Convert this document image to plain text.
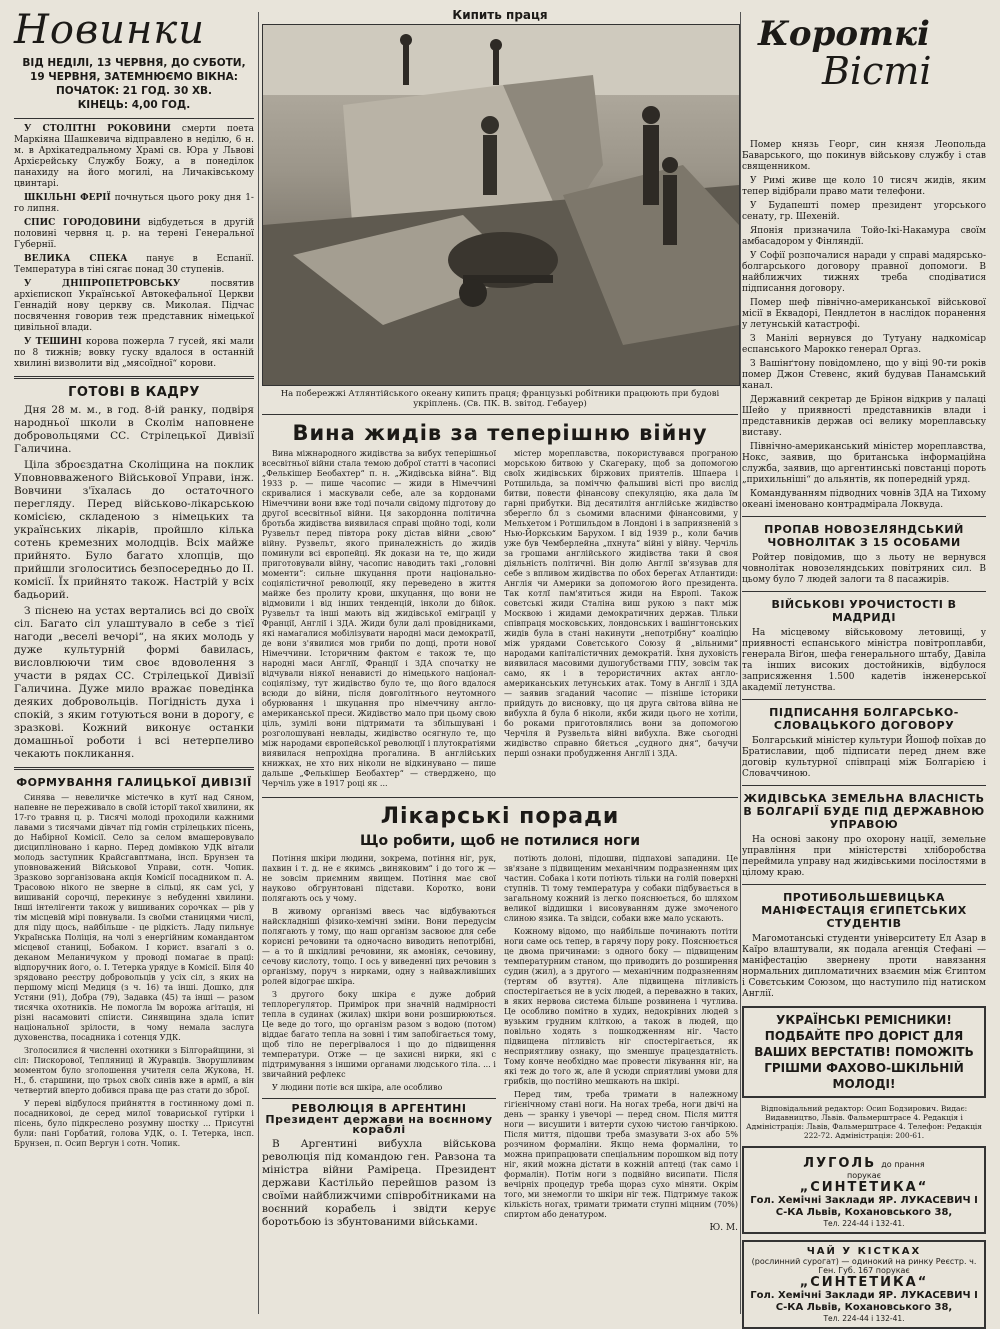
Новинки
ВІД НЕДІЛІ, 13 ЧЕРВНЯ, ДО СУБОТИ,
19 ЧЕРВНЯ, ЗАТЕМНЮЄМО ВІКНА:
ПОЧАТОК: 21 ГОД. 30 ХВ.
КІНЕЦЬ: 4,00 ГОД.

У СТОЛІТНІ РОКОВИНИ смерти поета Маркіяна Шашкевича відправлено в неділю, 6 н. м. в Архікатедральному Храмі св. Юра у Львові Архієрейську Службу Божу, а в понеділок панахиду на його могилі, на Личаківському цвинтарі.

ШКІЛЬНІ ФЕРІЇ почнуться цього року дня 1-го липня.

СПИС ГОРОДОВИНИ відбудеться в другій половині червня ц. р. на терені Генеральної Губернії.

ВЕЛИКА СПЕКА панує в Еспанії. Температура в тіні сягає понад 30 ступенів.

У ДНІПРОПЕТРОВСЬКУ	посвятив архієпископ Української Автокефальної Церкви Геннадій нову церкву св. Миколая. Підчас посвячення говорив теж представник німецької цивільної влади.

У ТЕШИНІ корова пожерла 7 гусей, які мали по 8 тижнів; вовку гуску вдалося в останній хвилині визволити від „мясоїдної“ корови.

ГОТОВІ В КАДРУ

Дня 28 м. м., в год. 8-ій ранку, подвіря народньої школи в Сколім наповнене добровольцями СС. Стрілецької Дивізії Галичина.

Ціла зброєздатна Сколіщина на поклик Уповновваженого Військової Управи, інж. Вовчини з'їхалась до остаточного перегляду. Перед військово-лікарською комісією, складеною з німецьких та українських лікарів, пройшло кілька сотень кремезних молодців. Всіх майже прийнято. Було багато хлопців, що прийшли зголоситись безпосередньо до II. комісії. Їх прийнято також. Настрій у всіх бадьорий.

З піснею на устах вертались всі до своїх сіл. Багато сіл улаштувало в себе з тієї нагоди „веселі вечорі“, на яких молодь у дуже культурній формі бавилась, висловлюючи тим своє вдоволення з участи в рядах СС. Стрілецької Дивізії Галичина. Дуже мило вражає поведінка деяких добровольців. Погідність духа і спокій, з яким готуються вони в дорогу, є зразкові. Кожний виконує останки домашньої роботи і всі нетерпеливо чекають покликання.

ФОРМУВАННЯ ГАЛИЦЬКОЇ ДИВІЗІЇ

Синява — невеличке містечко в кутї над Сяном, напевне не переживало в своїй історії такої хвилини, як 17-го травня ц. р. Тисячі молоді проходили кажними лавами з тисячами дівчат під гомін стрілецьких пісень, до Набірної Комісії. Село за селом вмашеровувало дисципліновано і карно. Перед домівкою УДК вітали молодь заступник Крайсгавптмана, інсп. Брунзен та уповноважений Військової Управи, сотн. Чопик. Зразково зорганізована акція Комісії посадником п. А. Трасовою нікого не зверне в сільці, як сам усі, у вишиваній сорочці, перекинує з небуденні хвилини. Інші інтелігенти також у вишиваних сорочках — рів у тім місцевій мірі повнували. Із своїми станицями числі, для піду щось, найбільше - це рідкість. Ладу пильнує Українська Поліція, на чолі з енергійним командантом місцевої станиці, Бобаком. І корист. взагалі з о. деканом Меланичуком у проводі помагає в праці: відпоручник його, о. І. Тетерка урядує в Комісії. Біля 40 зрядовано реєстру добровольців у усіх сіл, з яких на першому місці Медиця (з ч. 16) та інші. Дошко, для Устяни (91), Добра (79), Задавка (45) та інші — разом тисячка охотників. Не помогла їм ворожа агітація, ні різні насамовиті спіисти. Синявщина здала іспит національної зрілости, в чому немала заслуга духовенства, посадника і сотенця УДК.

Зголосилися й численні охотники з Білгорайщини, зі сіл: Пискорової, Тепляниці й Журавців. Зворушливим моментом було зголошення учителя села Жукова, Н. Н., б. старшини, що трьох своїх синів вже в армії, а він четвертий вперто добився права ще раз стати до зброї.

У переві відбулося прийняття в гостинному домі п. посадниковоі, де серед милої товариської гутірки і пісень, було підкреслено розумну шостку ... Присутні були: пані Горбатий, голова УДК, о. І. Тетерка, інсп. Брунзен, п. Осип Вергун і сотн. Чопик.

Кипить праця
На побережжі Атлянтійського океану кипить праця; французькі робітники працюють при будові укріплень. (Св. ПК. В. звітод. Гебауер)
Вина жидів за теперішню війну

Вина міжнародного жидівства за вибух теперішньої всесвітньої війни стала темою доброї статті в часописі „Фелькішер Беобахтер“ п. н. „Жидівська війна“. Від 1933 р. — пише часопис — жиди в Німеччині скривалися і маскували себе, але за кордонами Німеччини вони вже тоді почали свідому підготову до другої всесвітньої війни. Ця закордонна політична бротьба жидівства виявилася справі щойно тоді, коли Рузвельт перед півтора року дістав війни „свою“ війну. Рузвельт, якого приналежність до жидів поминули всі європейці. Як докази на те, що жиди приготовували війну, часопис наводить такі „головні моменти“: сильне шкуцання проти національно-соціялістичної революції, яку переведено в життя майже без пролиту крови, шкуцання, що вони не відмовили і від інших тенденцій, інколи до бійок. Рузвельт та інші мають від жидівської еміграції у Франції, Англії і ЗДА. Жиди були далі провідниками, які намагалися мобілізувати народні маси демократії, де вони з'явилися мов гриби по дощі, проти нової Німеччини. Історичним фактом є також те, що народні маси Англії, Франції і ЗДА спочатку не відчували ніякої ненависті до німецького націонал-соціялізму, тут жидівство було те, що його вдалося всюди до війни, після довголітнього неутомного обурювання і шкуцання про німеччину англо-американської преси. Жидівство мало при цьому свою ціль, зумілі вони підтримати та збільшувані і розголошувані невлады, жидівство осягнуло те, що між народами європейської революції і плутократіями виявилася непрохідна прогалина. В англійських книжках, не хто них ніколи не відкинувано — пише дальше „Фелькішер Беобахтер“ — стверджено, що Черчіль уже в 1917 році як ...

містер мореплавства, покористувався програною морською битвою у Скагераку, щоб за допомогою своїх жидівських біржових приятелів. Шпаера і Ротшильда, за поміччю фальшиві вісті про вислід битви, повести фінансову спекуляцію, яка дала їм гарні прибутки. Від десятилітя англійське жидівство зберегло бл з сьомими власними фінансовими, у Мельхетом і Ротшильдом в Лондоні і в заприязненій з Нью-Йоркським Барухом. І від 1939 р., коли бачив уже був Чемберлейна „пхнута“ війні у війну. Черчіль за грошами англійського жидівства таки й своя діяльність політичні. Він долю Англії зв'язував для себе з впливом жидівства по обох берегах Атлантиди: Англія чи Америки за допомогою його президента. Так котлї пам'ятиться жиди на Европі. Також совєтські жиди Сталіна виш рукою з пакт між Москвою і жидами демократичних держав. Тільки співпраця московських, лондонських і вашінгтонських жидів була в стані накинути „непотрібну“ коаліцію між урядами Совєтського Союзу й „вільними“ народами капіталістичних демократій. Їхня духовість виявилася масовими душогубствами ГПУ, зовсім так само, як і в терористичних актах англо-американських летунських атак. Тому в Англії і ЗДА — заявив згаданий часопис — пізніше історики прийдуть до висновку, що ця друга світова війна не вибухла й була б ніколи, якби жиди цього не хотіли, бо роками приготовлялись вони за допомогою Черчіля й Рузвельта війні вибухла. Вже сьогодні жидівство справно бйється „судного дня“, бачучи перші ознаки пробудження Англії і ЗДА.

Лікарські поради
Що робити, щоб не потилися ноги

Потіння шкіри людини, зокрема, потіння ніг, рук, пахвин і т. д. не є якимсь „виняковим“ і до того ж — не зовсім приємним явищем. Потіння має свої науково обгрунтовані підстави. Коротко, вони полягають ось у чому.

В живому організмі ввесь час відбуваються найскладніші фізико-хемічні зміни. Вони передусім полягають у тому, що наш організм засвоює для себе корисні речовини та одночасно виводить непотрібні, — а то й шкідливі речовини, як амоніяк, сечовину, сечову кислоту, тощо. І ось у виведенні цих речовин з організму, поруч з нирками, одну з найважливіших ролей відограє шкіра.

З другого боку шкіра є дуже добрий теплорегулятор. Примірок при значній надмірності тепла в судинах (жилах) шкіри вони розширюються. Це веде до того, що організм разом з водою (потом) віддає багато тепла на зовні і тим запобігається тому, щоб тіло не перегрівалося і що до підвищення температури. Отже — це захисні нирки, які с підтримування з іншими органами людського тіла. ... і звичайний рефлекс

У людини потіє вся шкіра, але особливо

РЕВОЛЮЦІЯ В АРГЕНТИНІ
Президент держави на воєнному кораблі

В Аргентині вибухла військова революція під командою ген. Равзона та міністра війни Раміреца. Президент держави Кастільйо перейшов разом із своїми найближчими співробітниками на воєнний корабель і звідти керує боротьбою із збунтованими військами.

потіють долоні, підошви, підпахові западини. Це зв'язане з підвищеним механічним подразненням цих частин. Собака і коти потіють тільки на голій поверхні ступнів. Ті тому температура у собаки підбувається в загальному кожний із легко пояснюється, бо шляхом великої віддишки і висовуванням дуже змоченого слиною язика. Та звідси, собаки вже мало ускають.

Кожному відомо, що найбільше починають потіти ноги саме ось тепер, в гарячу пору року. Пояснюється це двома причинами: з одного боку — підвищеним температурним станом, що приводить до розширення судин (жил), а з другого — механічним подразненням (тертям об взуття). Але підвищена пітливість спостерігається не в усіх людей, а переважно в таких, в яких нервова система більше розвинена і чутлива. Це особливо помітно в худих, недокрівних людей з вузьким грудним кліткою, а також в людей, що повільно ходять з пошкодженням ніг. Часто підвищена пітливість ніг спостерігається, як несприятливу ознаку, що зменшує працездатність. Тому конче необхідно має провести лікування ніг, на які теж до того ж, але й усюди сприятливі умови для грибків, що постійно мешкають на шкірі.

Перед тим, треба тримати в належному гігієнічному стані ноги. На ногах треба, ноги двічі на день — зранку і увечорі — перед сном. Після миття ноги — висушити і витерти сухою чистою ганчіркою. Після миття, підошви треба змазувати 3-ох або 5% розчином формаліни. Якщо нема формаліни, то можна припрацювати спеціальним порошком від поту ніг, який можна дістати в кожній аптеці (так само і формалін). Потім ноги з подвійно висипати. Після вечірніх процедур треба щораз сухо міняти. Окрім того, ми знемогли то шкіри ніг теж. Підтримує також кількість ногах, тримати тримати ступні міцним (70%) спиртом або денатуром.

Ю. М.
Короткі
Вісті

Помер князь Георг, син князя Леопольда Баварського, що покинув військову службу і став священником.

У Римі живе ще коло 10 тисяч жидів, яким тепер відібрали право мати телефони.

У Будапешті помер президент угорського сенату, гр. Шехеній.

Японія призначила Тойо-Ікі-Накамура своїм амбасадором у Фінляндії.

У Софії розпочалися наради у справі мадярсько-болгарського договору правної допомоги. В найближчих тижнях треба сподіватися підписання договору.

Помер шеф північно-американської військової місії в Еквадорі, Пендлетон в наслідок поранення у летунській катастрофі.

З Манілі вернувся до Тутуану надкомісар еспанського Марокко генерал Оргаз.

З Вашінґтону повідомлено, що у віці 90-ти років помер Джон Стевенс, який будував Панамський канал.

Державний секретар де Брінон відкрив у палаці Шейо у приявності представників влади і представників держав осі велику мореплавську виставу.

Північно-американський міністер мореплавства, Нокс, заявив, що британська інформаційна служба, заявив, що аргентинські повстанці пороть „прихильніші“ до альянтів, як попередній уряд.

Командуванням підводних човнів ЗДА на Тихому океані іменовано контрадмірала Локвуда.

ПРОПАВ НОВОЗЕЛЯНДСЬКИЙ ЧОВНОЛІТАК З 15 ОСОБАМИ

Ройтер повідомив, що з льоту не вернувся човнолітак новозеляндських повітряних сил. В цьому було 7 людей залоги та 8 пасажирів.

ВІЙСЬКОВІ УРОЧИСТОСТІ В МАДРИДІ

На місцевому військовому летовищі, у приявності еспанського міністра повітроплавби, генерала Віґон, шефа генерального штабу, Давіла та інших високих достойників, відбулося заприсяження 1.500 кадетів інженерської академії летунства.

ПІДПИСАННЯ БОЛГАРСЬКО-СЛОВАЦЬКОГО ДОГОВОРУ

Болгарський міністер культури Йошоф поїхав до Братиславии, щоб підписати перед днем вже договір культурної співпраці між Болгарією і Словаччиною.

ЖИДІВСЬКА ЗЕМЕЛЬНА ВЛАСНІСТЬ В БОЛГАРІЇ БУДЕ ПІД ДЕРЖАВНОЮ УПРАВОЮ

На основі закону про охорону нації, земельне управління при міністерстві хліборобства переймила управу над жидівськими посілостями в цілому краю.

ПРОТИБОЛЬШЕВИЦЬКА МАНІФЕСТАЦІЯ ЄГИПЕТСЬКИХ СТУДЕНТІВ

Магомотанські студенти університету Ел Азар в Каїро влаштували, як подала агенція Стефані — маніфестацію звернену проти навязання нормальних дипломатичних взаємин між Єгиптом і Совєтським Союзом, що наступило під натиском Англії.

УКРАЇНСЬКІ РЕМІСНИКИ! ПОДБАЙТЕ ПРО ДОРІСТ ДЛЯ ВАШИХ ВЕРСТАТІВ! ПОМОЖІТЬ ГРІШМИ ФАХОВО-ШКІЛЬНІЙ МОЛОДІ!
Відповідальний редактор: Осип Бодзирович. Видає: Видавництво, Львів. Фальмерштрасе 4. Редакція і Адміністрація: Львів, Фальмерштрасе 4. Телефон: Редакція 222-72. Адміністрація: 200-61.
ЛУГОЛЬ до прання
порукає
„СИНТЕТИКА“
Гол. Хемічні Заклади ЯР. ЛУКАСЕВИЧ І С-КА Львів, Кохановського 38,
Тел. 224-44 і 132-41.
ЧАЙ У КІСТКАХ
(рослинний сурогат) — одинокий на ринку Реєстр. ч. Ген. Губ. 167 порукає
„СИНТЕТИКА“
Гол. Хемічні Заклади ЯР. ЛУКАСЕВИЧ І С-КА Львів, Кохановського 38,
Тел. 224-44 і 132-41.
